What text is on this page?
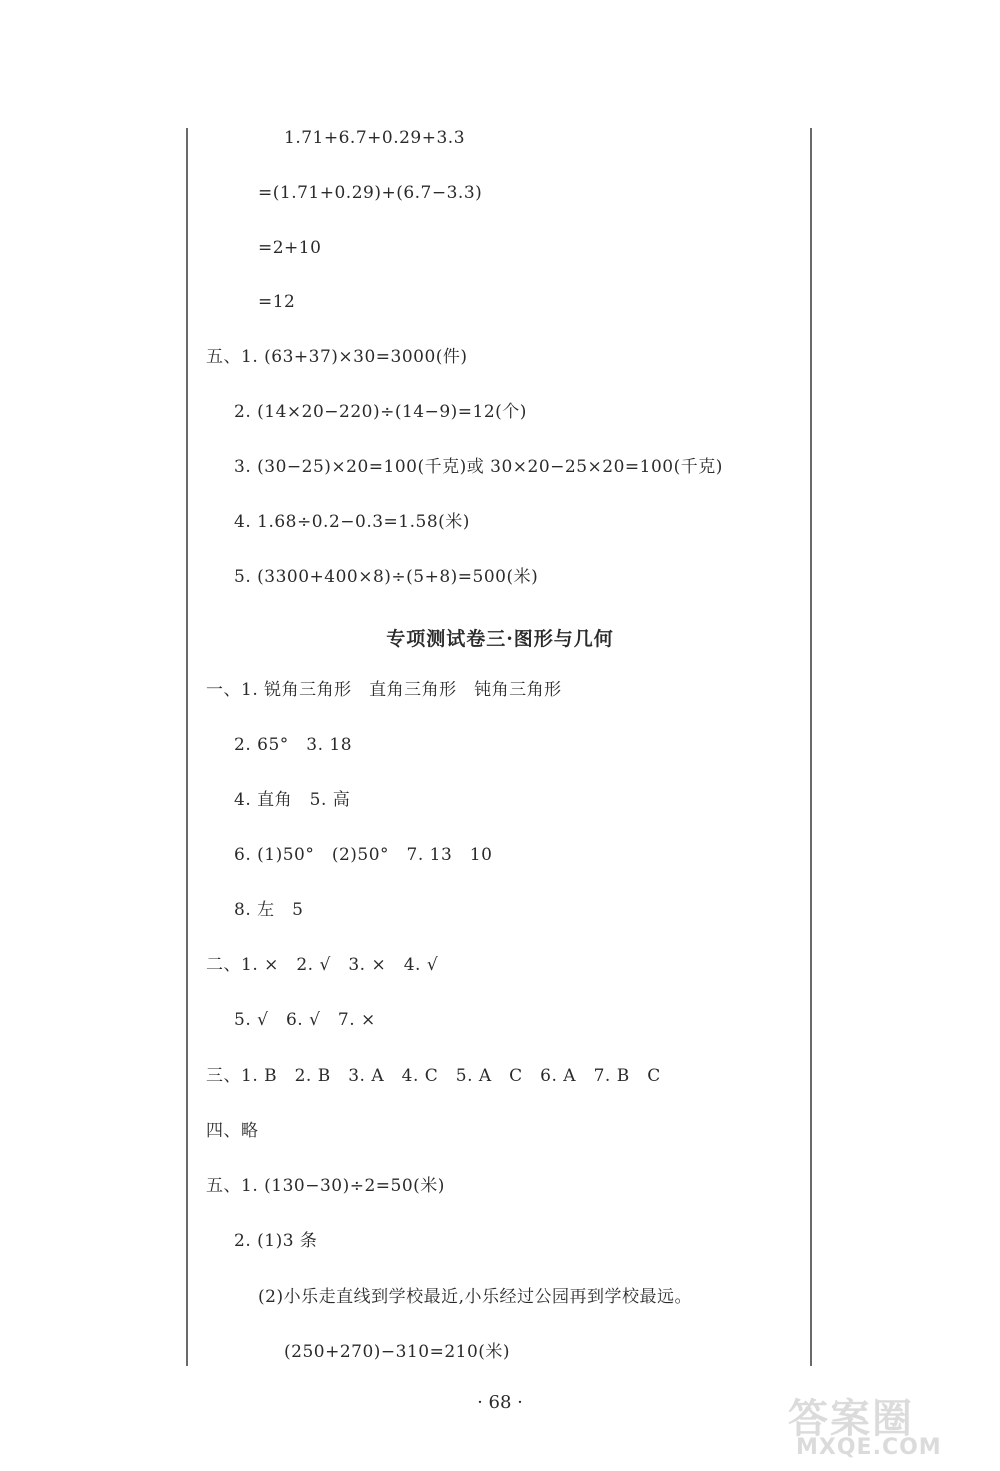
1.71+6.7+0.29+3.3
=(1.71+0.29)+(6.7−3.3)
=2+10
=12
五、1. (63+37)×30=3000(件)
2. (14×20−220)÷(14−9)=12(个)
3. (30−25)×20=100(千克)或 30×20−25×20=100(千克)
4. 1.68÷0.2−0.3=1.58(米)
5. (3300+400×8)÷(5+8)=500(米)
专项测试卷三·图形与几何
一、1. 锐角三角形　直角三角形　钝角三角形
2. 65°　3. 18
4. 直角　5. 高
6. (1)50°　(2)50°　7. 13　10
8. 左　5
二、1. ×　2. √　3. ×　4. √
5. √　6. √　7. ×
三、1. B　2. B　3. A　4. C　5. A　C　6. A　7. B　C
四、略
五、1. (130−30)÷2=50(米)
2. (1)3 条
(2)小乐走直线到学校最近,小乐经过公园再到学校最远。
(250+270)−310=210(米)
· 68 ·	答案圈
MXQE.COM
